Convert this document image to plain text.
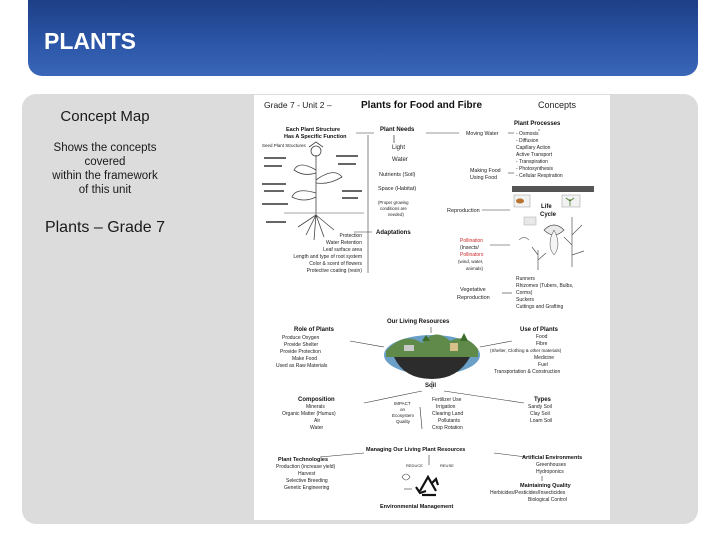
PLANTS
Concept Map
Shows the concepts
covered
within the framework
of this unit
Plants – Grade 7
Grade 7 - Unit 2 –	Plants for Food and Fibre	Concepts
Each Plant Structure
Has A Specific Function
Seed Plant Structures
Plant Needs
Light
Water
Nutrients (Soil)
Space (Habitat)
(Proper growing
conditions are
needed)
Plant Processes
Moving Water
Making Food
Using Food
- Osmosis
- Diffusion
Capillary Action
Active Transport
- Transpiration
- Photosynthesis
- Cellular Respiration
Reproduction
Life
Cycle
Adaptations
Protection
Water Retention
Leaf surface area
Length and type of root system
Color & scent of flowers
Protective coating (resin)
Pollination
(Insects/
Pollinators
(wind, water,
animals)
Vegetative
Reproduction
Runners
Rhizomes (Tubers, Bulbs,
Corms)
Suckers
Cuttings and Grafting
Our Living Resources
Role of Plants
Produce Oxygen
Provide Shelter
Provide Protection
Make Food
Used as Raw Materials
Use of Plants
Food
Fibre
(Shelter, Clothing & other materials)
Medicine
Fuel
Transportation & Construction
Soil
Composition
Minerals
Organic Matter (Humus)
Air
Water
IMPACT
on
Ecosystem
Quality
Fertilizer Use
Irrigation
Clearing Land
Pollutants
Crop Rotation
Types
Sandy Soil
Clay Soil
Loam Soil
Managing Our Living Plant Resources
Plant Technologies
Production (increase yield)
Harvest
Selective Breeding
Genetic Engineering
Artificial Environments
Greenhouses
Hydroponics
Maintaining Quality
Herbicides/Pesticides/Insecticides
Biological Control
REDUCE	REUSE
Environmental Management
